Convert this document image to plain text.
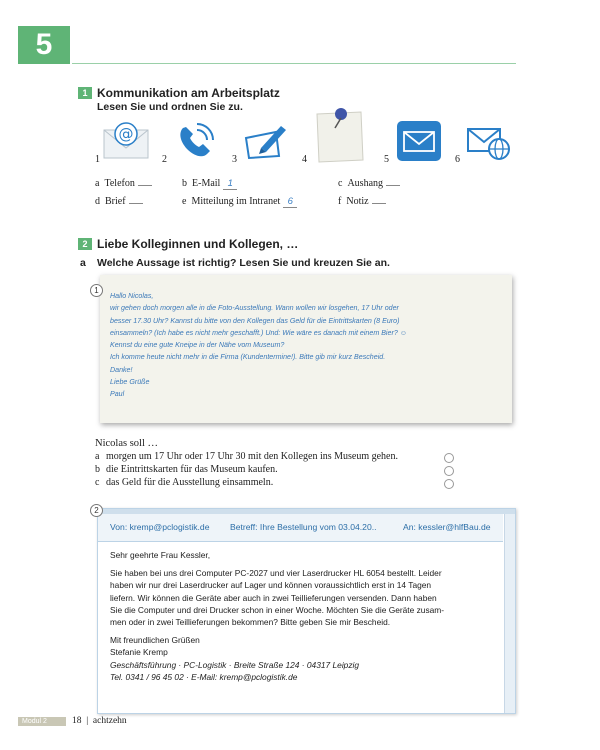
5
1 Kommunikation am Arbeitsplatz
Lesen Sie und ordnen Sie zu.
1
@
2	3	4	5	6
a Telefon	b E-Mail 1	c Aushang
d Brief	e Mitteilung im Intranet 6	f Notiz
2 Liebe Kolleginnen und Kollegen, …
a Welche Aussage ist richtig? Lesen Sie und kreuzen Sie an.
1
Hallo Nicolas,
wir gehen doch morgen alle in die Foto-Ausstellung. Wann wollen wir losgehen, 17 Uhr oder
besser 17.30 Uhr? Kannst du bitte von den Kollegen das Geld für die Eintrittskarten (8 Euro)
einsammeln? (Ich habe es nicht mehr geschafft.) Und: Wie wäre es danach mit einem Bier? ☺
Kennst du eine gute Kneipe in der Nähe vom Museum?
Ich komme heute nicht mehr in die Firma (Kundentermine!). Bitte gib mir kurz Bescheid.
Danke!
Liebe Grüße
Paul
Nicolas soll …
a morgen um 17 Uhr oder 17 Uhr 30 mit den Kollegen ins Museum gehen.
b die Eintrittskarten für das Museum kaufen.
c das Geld für die Ausstellung einsammeln.
2
Von: kremp@pclogistik.de Betreff: Ihre Bestellung vom 03.04.20..	An: kessler@hlfBau.de

Sehr geehrte Frau Kessler,

Sie haben bei uns drei Computer PC-2027 und vier Laserdrucker HL 6054 bestellt. Leider
haben wir nur drei Laserdrucker auf Lager und können voraussichtlich erst in 14 Tagen
liefern. Wir können die Geräte aber auch in zwei Teillieferungen versenden. Dann haben
Sie die Computer und drei Drucker schon in einer Woche. Möchten Sie die Geräte zusam-
men oder in zwei Teillieferungen bekommen? Bitte geben Sie mir Bescheid.

Mit freundlichen Grüßen
Stefanie Kremp
Geschäftsführung · PC-Logistik · Breite Straße 124 · 04317 Leipzig
Tel. 0341 / 96 45 02 · E-Mail: kremp@pclogistik.de

Modul 2	18  |  achtzehn
